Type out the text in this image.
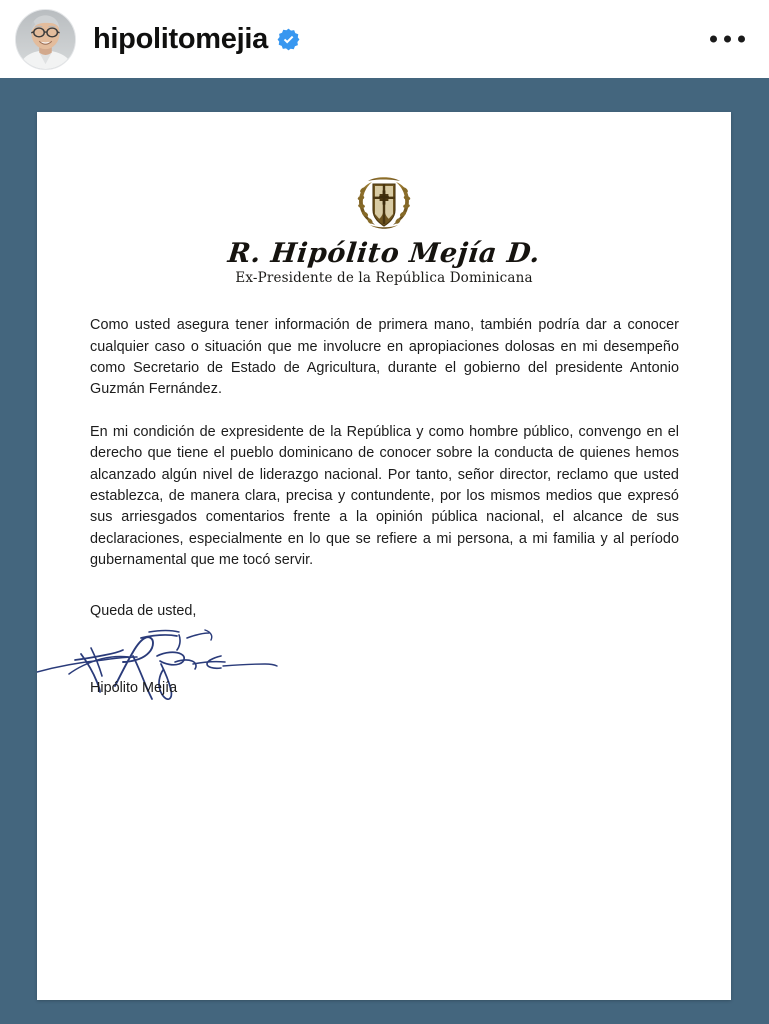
hipolitomejia

R. Hipólito Mejía D.

Ex-Presidente de la República Dominicana

Como usted asegura tener información de primera mano, también podría dar a conocer cualquier caso o situación que me involucre en apropiaciones dolosas en mi desempeño como Secretario de Estado de Agricultura, durante el gobierno del presidente Antonio Guzmán Fernández.

En mi condición de expresidente de la República y como hombre público, convengo en el derecho que tiene el pueblo dominicano de conocer sobre la conducta de quienes hemos alcanzado algún nivel de liderazgo nacional. Por tanto, señor director, reclamo que usted establezca, de manera clara, precisa y contundente, por los mismos medios que expresó sus arriesgados comentarios frente a la opinión pública nacional, el alcance de sus declaraciones, especialmente en lo que se refiere a mi persona, a mi familia y al período gubernamental que me tocó servir.

Queda de usted,

Hipólito Mejía
